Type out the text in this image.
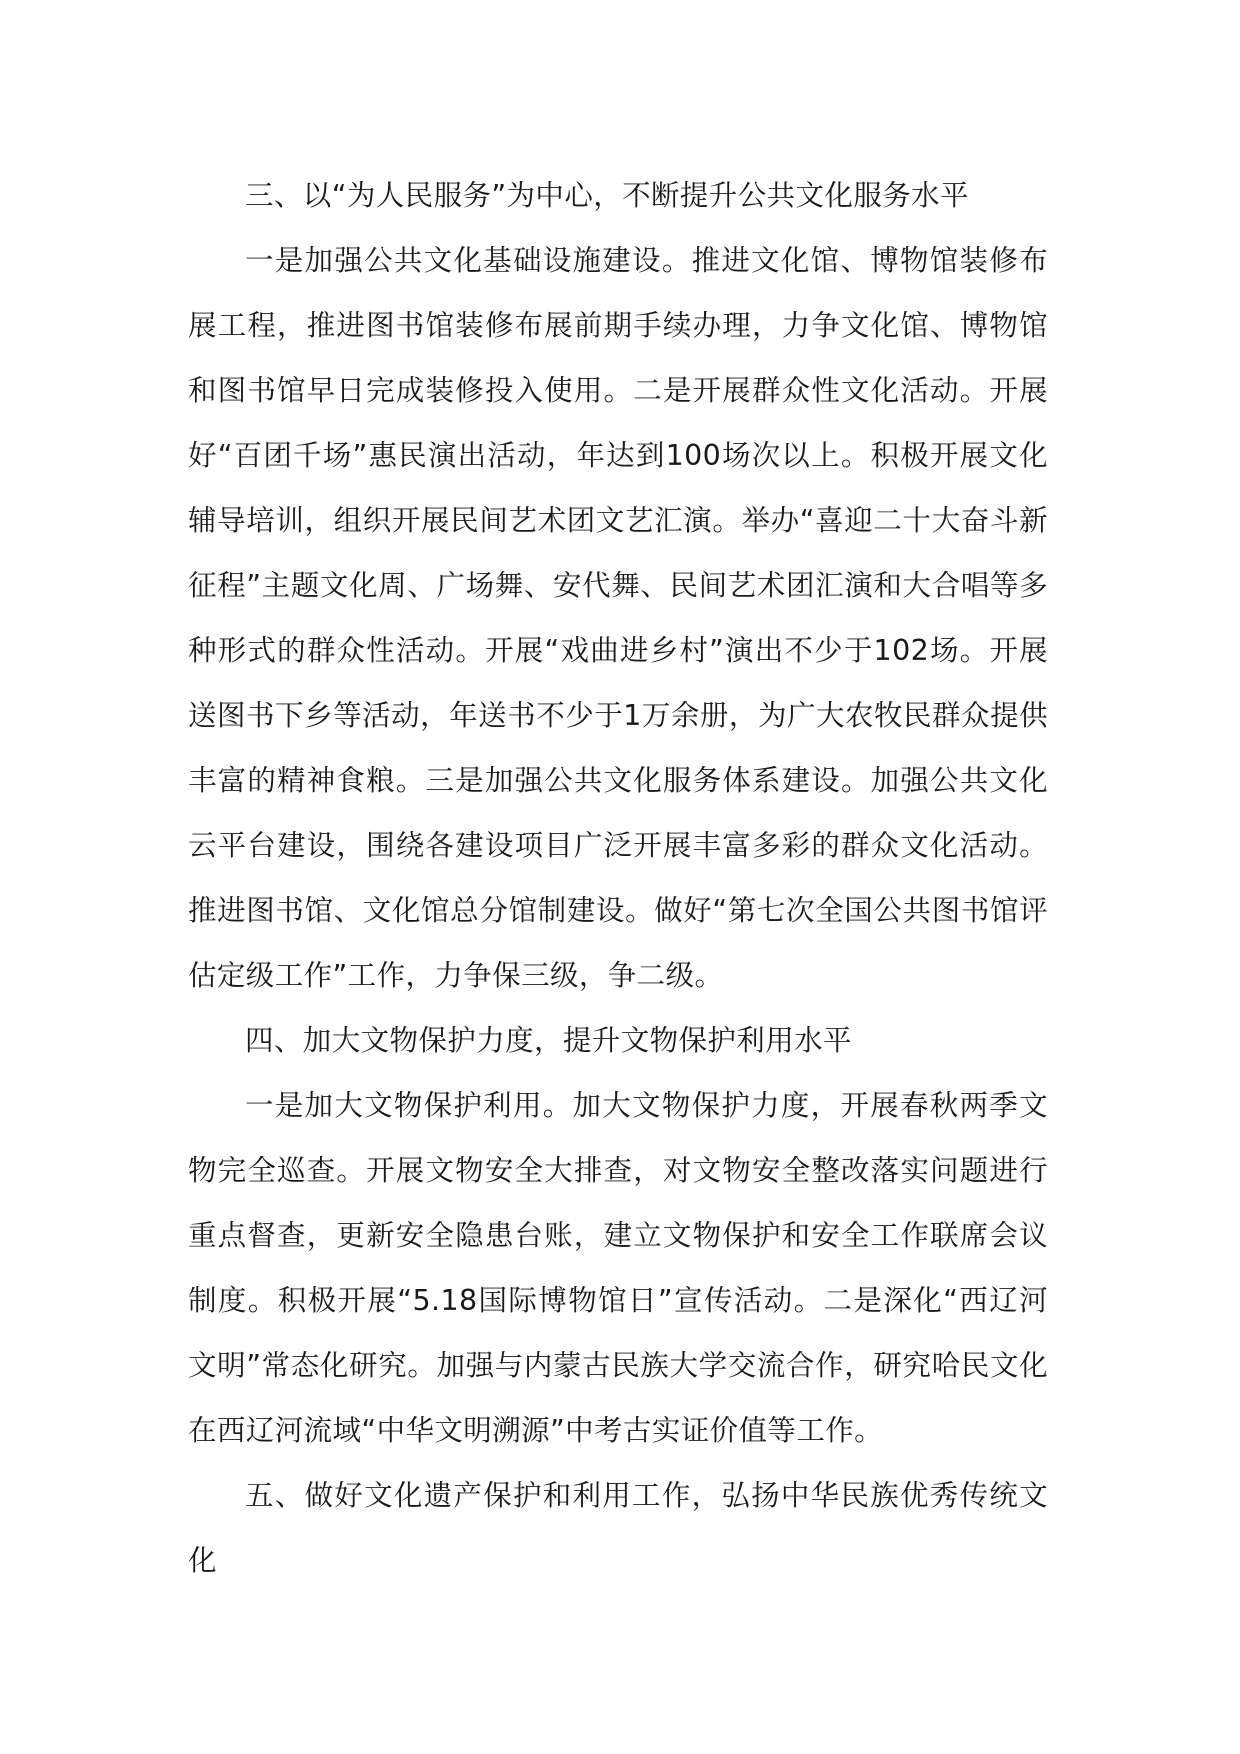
三、以“为人民服务”为中心，不断提升公共文化服务水平

一是加强公共文化基础设施建设。推进文化馆、博物馆装修布展工程，推进图书馆装修布展前期手续办理，力争文化馆、博物馆和图书馆早日完成装修投入使用。二是开展群众性文化活动。开展好“百团千场”惠民演出活动，年达到100场次以上。积极开展文化辅导培训，组织开展民间艺术团文艺汇演。举办“喜迎二十大奋斗新征程”主题文化周、广场舞、安代舞、民间艺术团汇演和大合唱等多种形式的群众性活动。开展“戏曲进乡村”演出不少于102场。开展送图书下乡等活动，年送书不少于1万余册，为广大农牧民群众提供丰富的精神食粮。三是加强公共文化服务体系建设。加强公共文化云平台建设，围绕各建设项目广泛开展丰富多彩的群众文化活动。推进图书馆、文化馆总分馆制建设。做好“第七次全国公共图书馆评估定级工作”工作，力争保三级，争二级。

四、加大文物保护力度，提升文物保护利用水平

一是加大文物保护利用。加大文物保护力度，开展春秋两季文物完全巡查。开展文物安全大排查，对文物安全整改落实问题进行重点督查，更新安全隐患台账，建立文物保护和安全工作联席会议制度。积极开展“5.18国际博物馆日”宣传活动。二是深化“西辽河文明”常态化研究。加强与内蒙古民族大学交流合作，研究哈民文化在西辽河流域“中华文明溯源”中考古实证价值等工作。

五、做好文化遗产保护和利用工作，弘扬中华民族优秀传统文化
